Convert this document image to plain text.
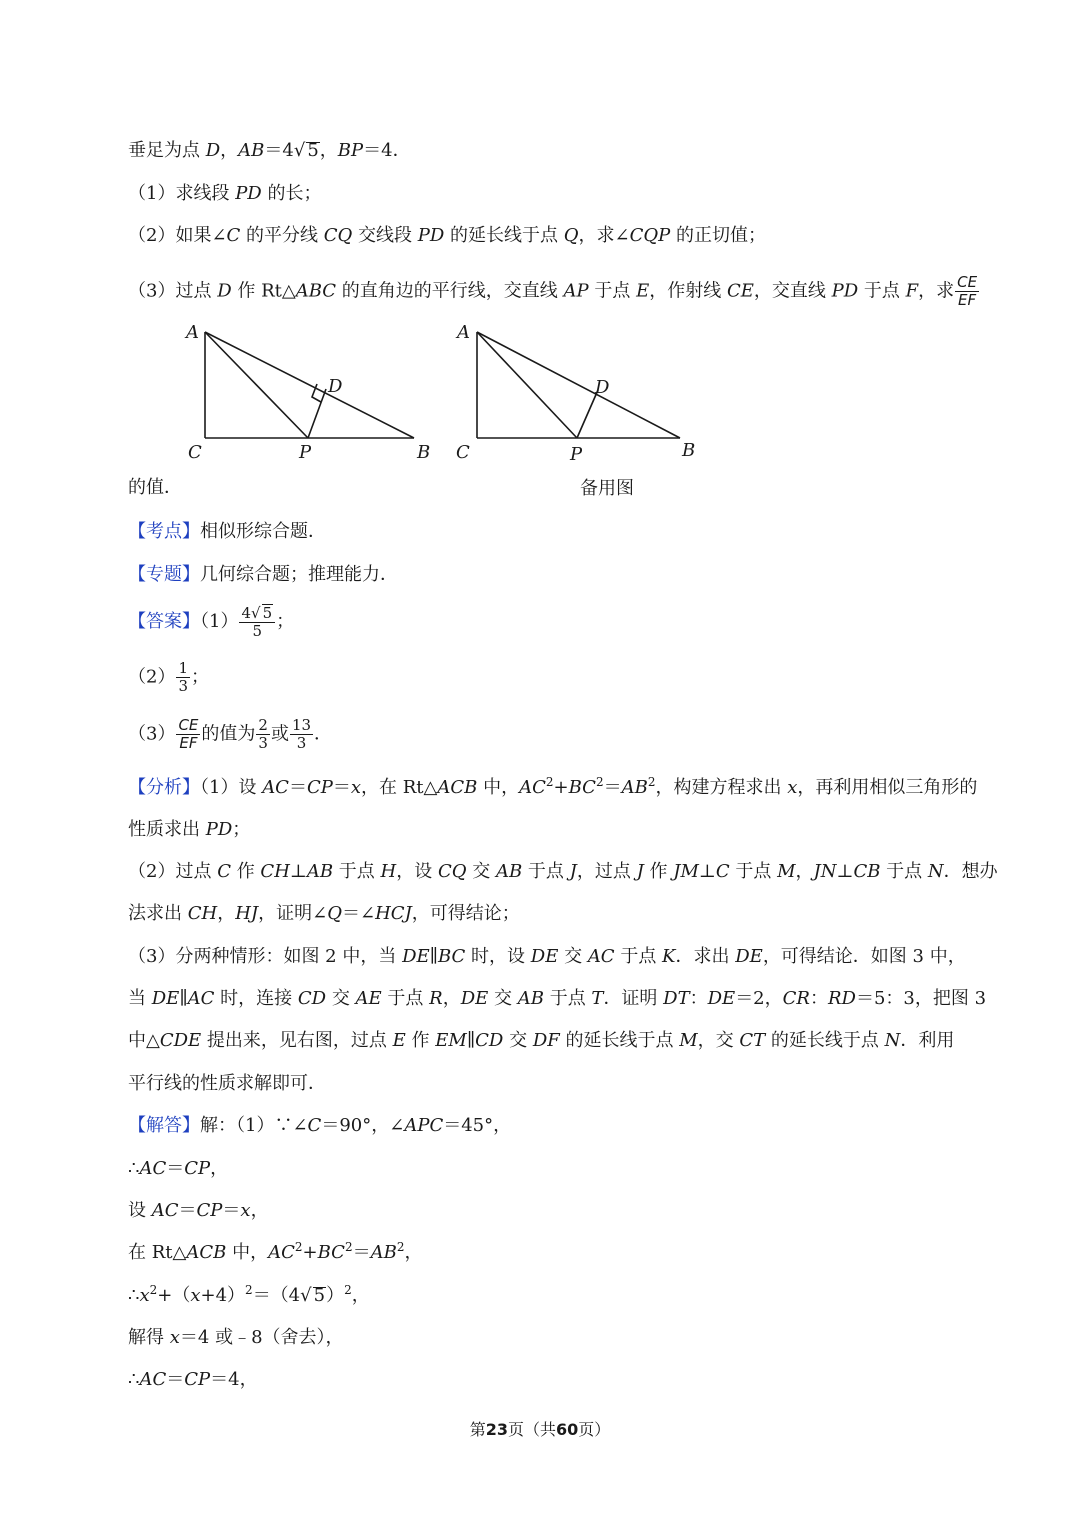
垂足为点 D，AB＝4√ 5，BP＝4．
（1）求线段 PD 的长；
（2）如果∠C 的平分线 CQ 交线段 PD 的延长线于点 Q，求∠CQP 的正切值；
（3）过点 D 作 Rt△ABC 的直角边的平行线，交直线 AP 于点 E，作射线 CE，交直线 PD 于点 F，求 $\frac{CE}{EF}$
A
C	P	B
D
A
C	P	B
D
备用图
的值．
【考点】相似形综合题．
【专题】几何综合题；推理能力．
【答案】$(1) \frac{4√ 5}{5}$ ；
$(2) \frac{1}{3}$ ；
$(3) \frac{CE}{EF}$ 的值为 $\frac{2}{3}$ 或 $\frac{13}{3}$ ．
【分析】（1）设 AC＝CP＝x，在 Rt△ACB 中，$AC^2+BC^2=AB^2$，构建方程求出 x，再利用相似三角形的
性质求出 PD；
（2）过点 C 作 CH⊥AB 于点 H，设 CQ 交 AB 于点 J，过点 J 作 JM⊥C 于点 M，JN⊥CB 于点 N．想办
法求出 CH，HJ，证明∠Q＝∠HCJ，可得结论；
（3）分两种情形：如图 2 中，当 DE∥BC 时，设 DE 交 AC 于点 K．求出 DE，可得结论．如图 3 中，
当 DE∥AC 时，连接 CD 交 AE 于点 R，DE 交 AB 于点 T．证明 DT：DE＝2，CR：RD＝5：3，把图 3
中△CDE 提出来，见右图，过点 E 作 EM∥CD 交 DF 的延长线于点 M，交 CT 的延长线于点 N．利用
平行线的性质求解即可．
【解答】解：（1）∵∠C＝90°，∠APC＝45°，
∴AC＝CP，
设 AC＝CP＝x，
在 Rt△ACB 中，$AC^2+BC^2=AB^2$，
$\therefore x^2+(x+4)^2=(4√$ 5）$^2$，
解得 x＝4 或﹣8（舍去），
∴AC＝CP＝4，
第23页（共60页）
